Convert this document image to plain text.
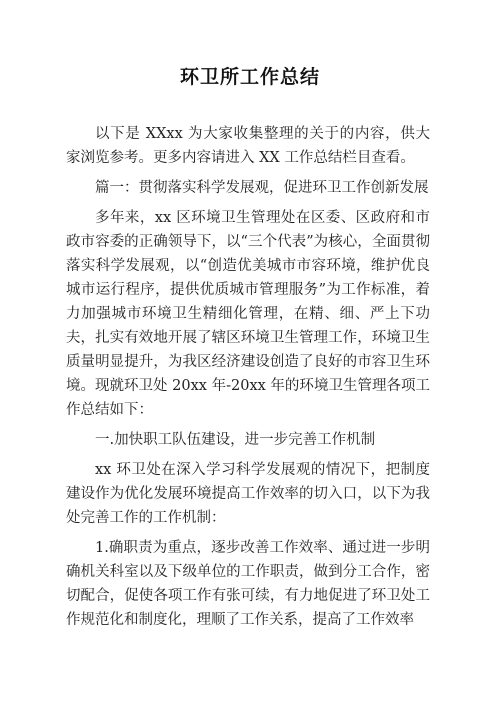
环卫所工作总结

以下是 XXxx 为大家收集整理的关于的内容，供大家浏览参考。更多内容请进入 XX 工作总结栏目查看。

篇一：贯彻落实科学发展观，促进环卫工作创新发展

多年来，xx 区环境卫生管理处在区委、区政府和市政市容委的正确领导下，以“三个代表”为核心，全面贯彻落实科学发展观，以“创造优美城市市容环境，维护优良城市运行程序，提供优质城市管理服务”为工作标准，着力加强城市环境卫生精细化管理，在精、细、严上下功夫，扎实有效地开展了辖区环境卫生管理工作，环境卫生质量明显提升，为我区经济建设创造了良好的市容卫生环境。现就环卫处 20xx 年-20xx 年的环境卫生管理各项工作总结如下：

一.加快职工队伍建设，进一步完善工作机制

xx 环卫处在深入学习科学发展观的情况下，把制度建设作为优化发展环境提高工作效率的切入口，以下为我处完善工作的工作机制：

1.确职责为重点，逐步改善工作效率、通过进一步明确机关科室以及下级单位的工作职责，做到分工合作，密切配合，促使各项工作有张可续，有力地促进了环卫处工作规范化和制度化，理顺了工作关系，提高了工作效率
